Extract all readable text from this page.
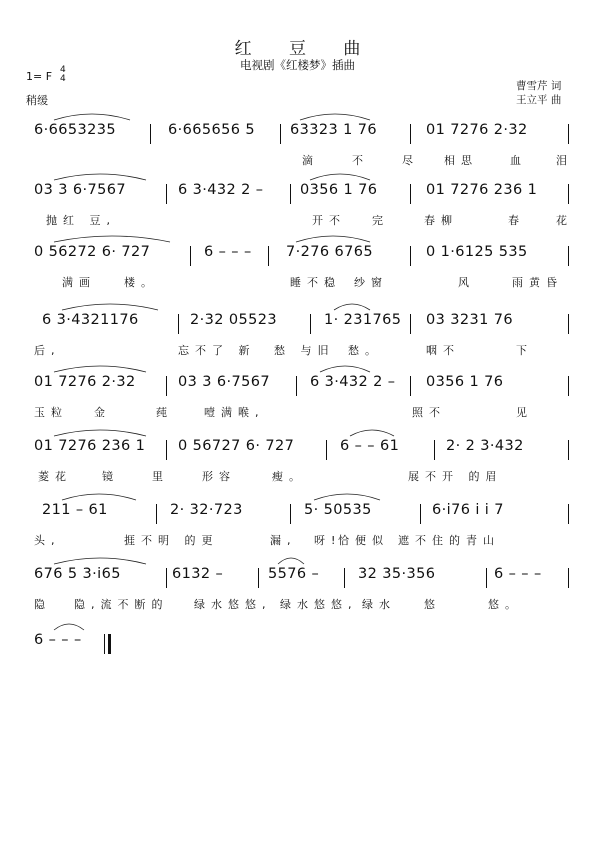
红 豆 曲
电视剧《红楼梦》插曲
1= F 4
4
稍缓
曹雪芹 词
王立平 曲
6·6653235	6·665656 5 63323 1 76	01 7276 2·32
滴	不	尽 相思	血	泪
03 3 6·7567	6 3·432 2 –	0356 1 76	01 7276 236 1
抛红 豆,	开不 完	春柳	春	花
0 56272 6· 727	6 – – – 7·276 6765	0 1·6125 535
满画	楼。	睡不稳 纱窗	风	雨黄昏
6 3·4321176	2·32 05523	1· 231765 03 3231 76
后,	忘不了 新 愁 与旧 愁。	咽不	下
01 7276 2·32	03 3 6·7567	6 3·432 2 – 0356 1 76
玉粒 金	莼	噎满喉,	照不	见
01 7276 236 1 0 56727 6· 727	6 – – 61	2· 2 3·432
菱花	镜	里	形容	瘦。	展不开 的眉
211 – 61	2· 32·723	5· 50535	6·i76 i i 7
头,	捱不明 的更	漏, 呀!
恰便似 遮不住的青山
676 5 3·i65	6132 –	5576 –	32 35·356	6 – – –
隐 隐,流不断的 绿水悠悠, 绿水悠悠, 绿水	悠	悠。
6 – – –
